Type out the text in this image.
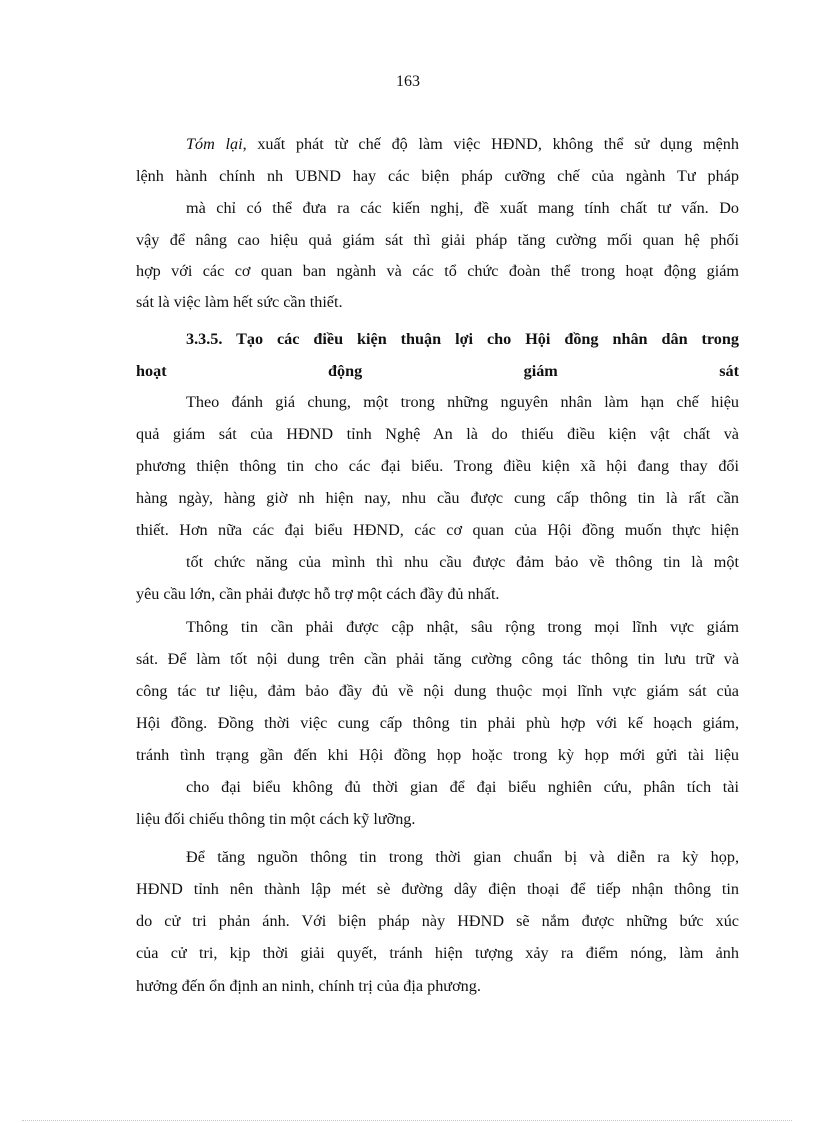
163
Tóm lại, xuất phát từ chế độ làm việc HĐND, không thể sử dụng mệnh
lệnh hành chính nh UBND hay các biện pháp cưỡng chế của ngành Tư pháp
mà chỉ có thể đưa ra các kiến nghị, đề xuất mang tính chất tư vấn. Do
vậy để nâng cao hiệu quả giám sát thì giải pháp tăng cường mối quan hệ phối
hợp với các cơ quan ban ngành và các tổ chức đoàn thể trong hoạt động giám
sát là việc làm hết sức cần thiết.
3.3.5. Tạo các điều kiện thuận lợi cho Hội đồng nhân dân trong
hoạt động giám sát
Theo đánh giá chung, một trong những nguyên nhân làm hạn chế hiệu
quả giám sát của HĐND tỉnh Nghệ An là do thiếu điều kiện vật chất và
phương thiện thông tin cho các đại biểu. Trong điều kiện xã hội đang thay đổi
hàng ngày, hàng giờ nh hiện nay, nhu cầu được cung cấp thông tin là rất cần
thiết. Hơn nữa các đại biểu HĐND, các cơ quan của Hội đồng muốn thực hiện
tốt chức năng của mình thì nhu cầu được đảm bảo về thông tin là một
yêu cầu lớn, cần phải được hỗ trợ một cách đầy đủ nhất.
Thông tin cần phải được cập nhật, sâu rộng trong mọi lĩnh vực giám
sát. Để làm tốt nội dung trên cần phải tăng cường công tác thông tin lưu trữ và
công tác tư liệu, đảm bảo đầy đủ về nội dung thuộc mọi lĩnh vực giám sát của
Hội đồng. Đồng thời việc cung cấp thông tin phải phù hợp với kế hoạch giám,
tránh tình trạng gần đến khi Hội đồng họp hoặc trong kỳ họp mới gửi tài liệu
cho đại biểu không đủ thời gian để đại biểu nghiên cứu, phân tích tài
liệu đối chiếu thông tin một cách kỹ lưỡng.
Để tăng nguồn thông tin trong thời gian chuẩn bị và diễn ra kỳ họp,
HĐND tỉnh nên thành lập mét sè đường dây điện thoại để tiếp nhận thông tin
do cử tri phản ánh. Với biện pháp này HĐND sẽ nắm được những bức xúc
của cử tri, kịp thời giải quyết, tránh hiện tượng xảy ra điểm nóng, làm ảnh
hưởng đến ổn định an ninh, chính trị của địa phương.
